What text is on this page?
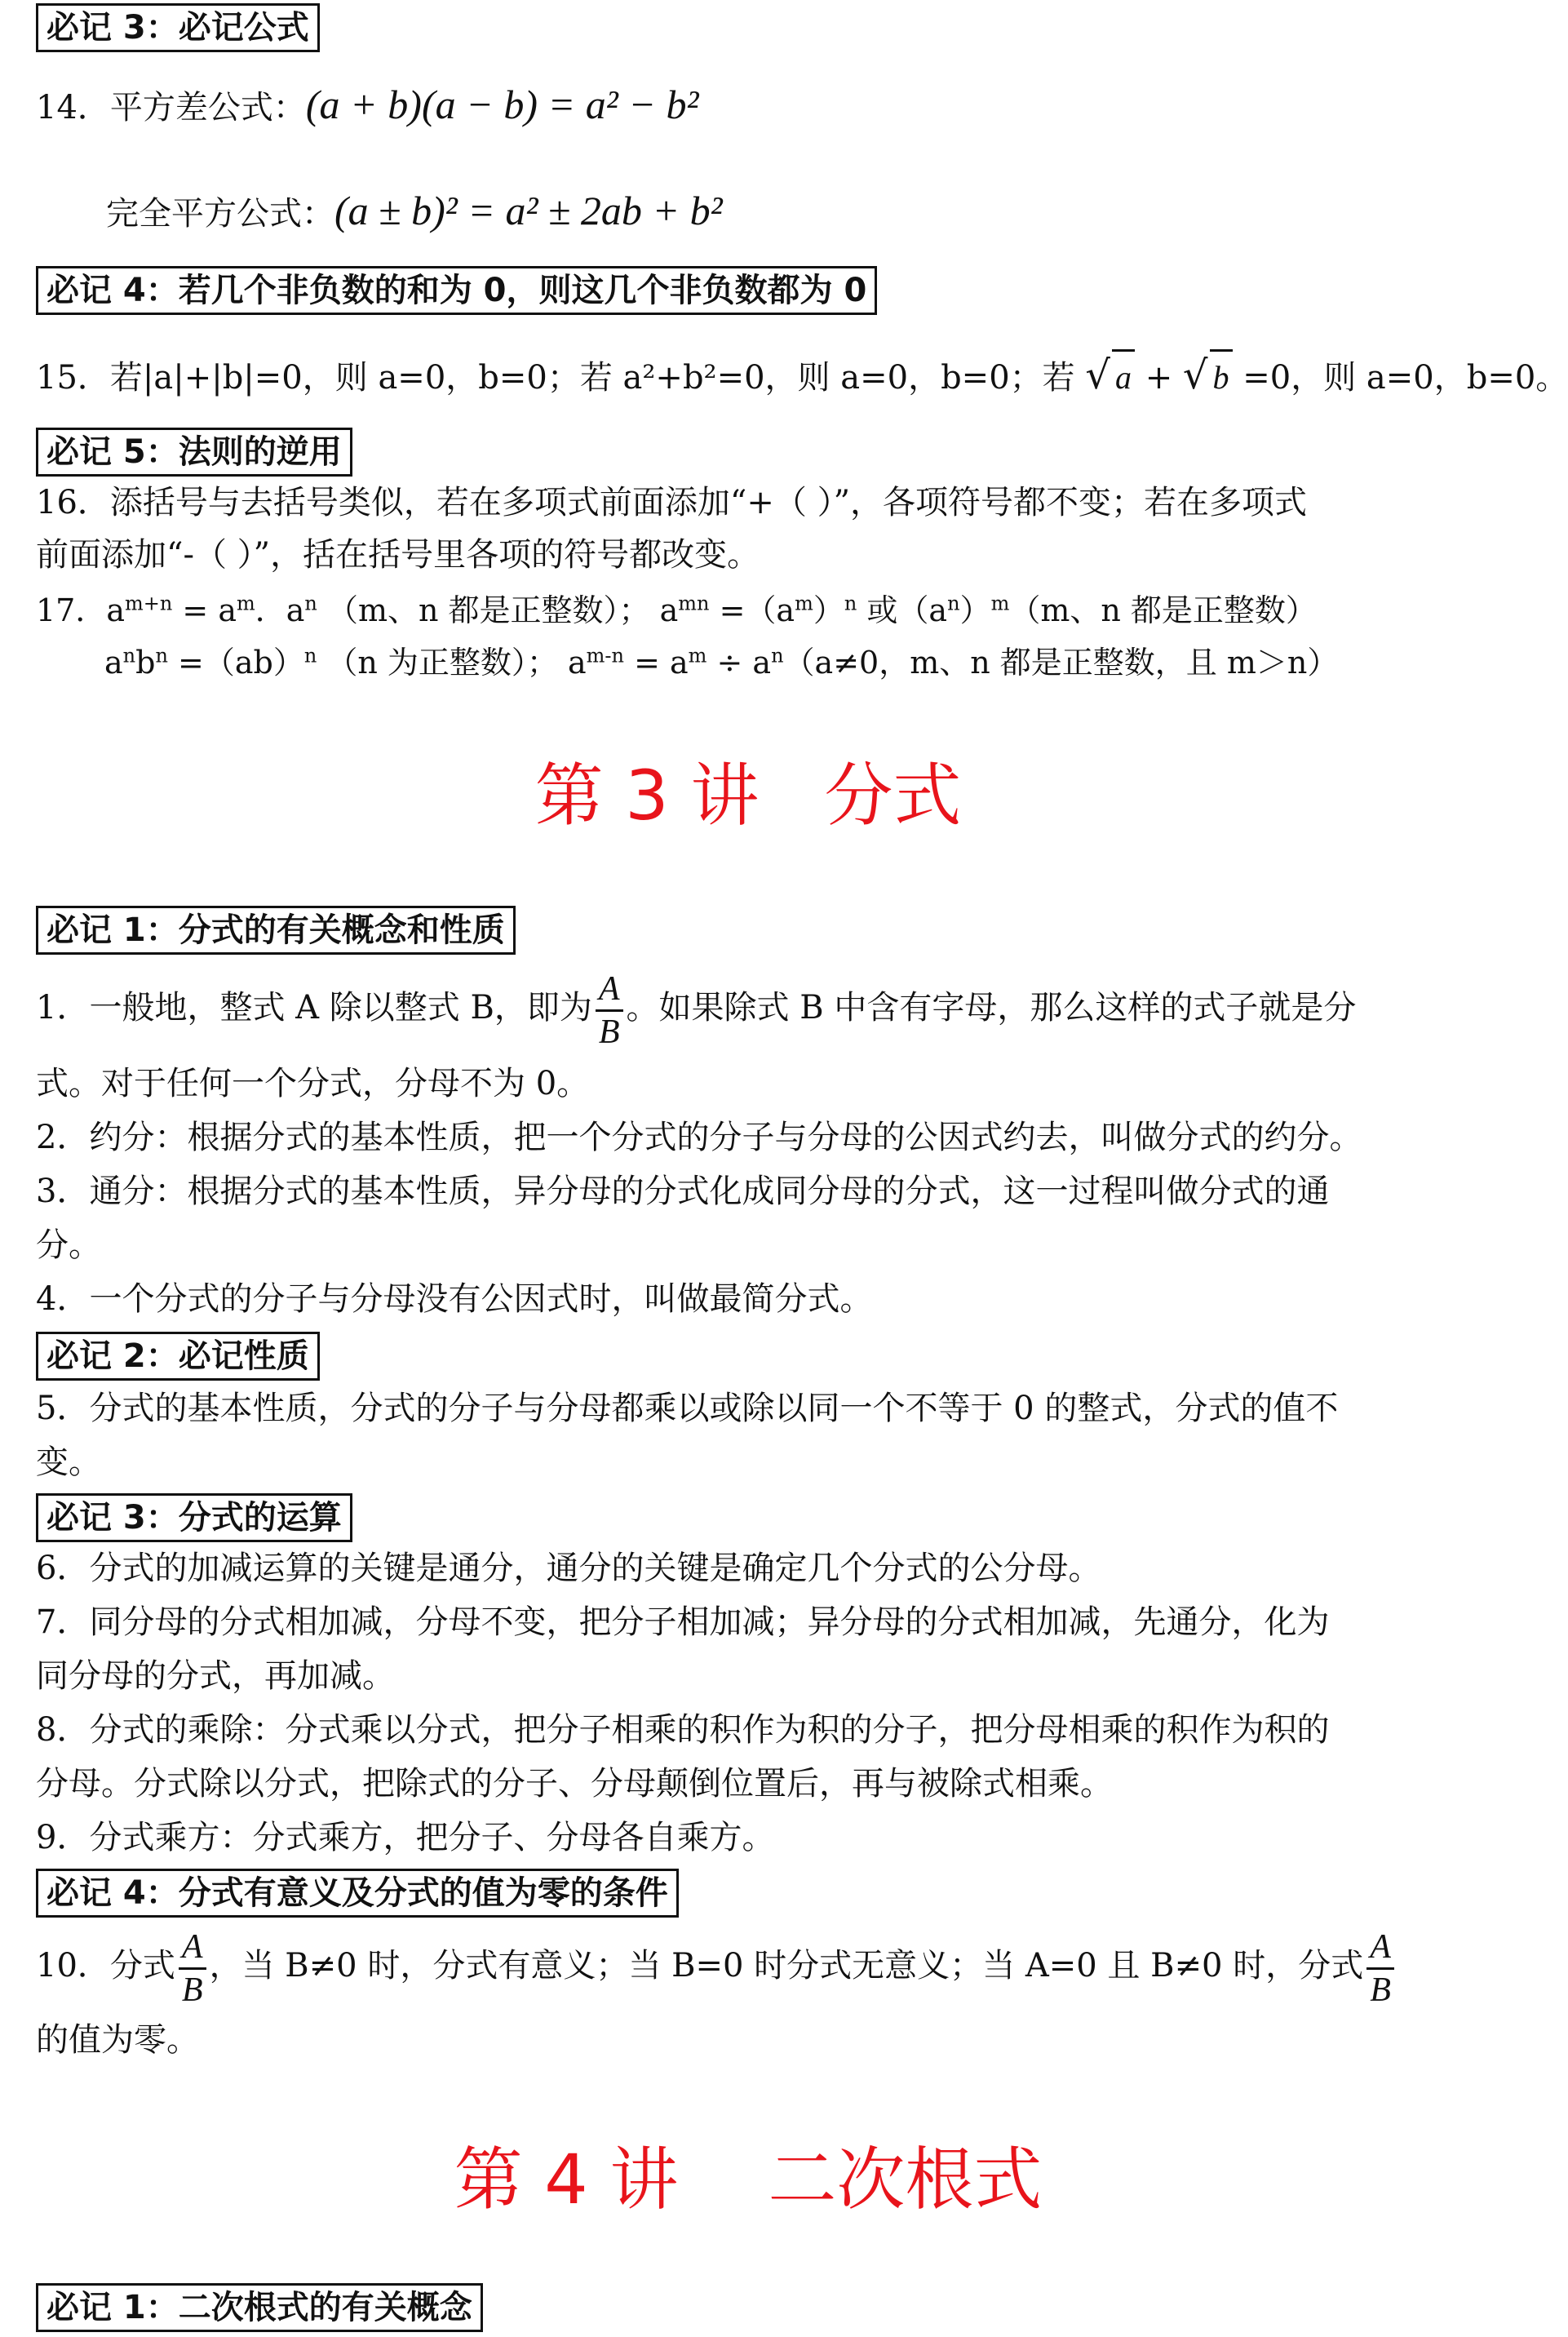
必记 3：必记公式
14．平方差公式：(a + b)(a − b) = a² − b²
完全平方公式：(a ± b)² = a² ± 2ab + b²
必记 4：若几个非负数的和为 0，则这几个非负数都为 0
15．若|a|+|b|=0，则 a=0，b=0；若 a²+b²=0，则 a=0，b=0；若 √ a + √ b =0，则 a=0，b=0。
必记 5：法则的逆用
16．添括号与去括号类似，若在多项式前面添加“+（ ）”，各项符号都不变；若在多项式
前面添加“-（ ）”，括在括号里各项的符号都改变。
17．$a^{m+n} = a^m$．$a^n$ （m、n 都是正整数）； $a^{mn} =(a^m)^n$ 或$(a^n)^m(m$、n 都是正整数）
$a^nb^n =(ab)^n$ （n 为正整数）； $a^{m-n} = a^m \div a^n(a\ne 0$，m、n 都是正整数，且 m＞n）
第 3 讲 分式
必记 1：分式的有关概念和性质
1．一般地，整式 A 除以整式 B，即为 $\frac{A}{B}$ 。如果除式 B 中含有字母，那么这样的式子就是分
式。对于任何一个分式，分母不为 0。
2．约分：根据分式的基本性质，把一个分式的分子与分母的公因式约去，叫做分式的约分。
3．通分：根据分式的基本性质，异分母的分式化成同分母的分式，这一过程叫做分式的通
分。
4．一个分式的分子与分母没有公因式时，叫做最简分式。
必记 2：必记性质
5．分式的基本性质，分式的分子与分母都乘以或除以同一个不等于 0 的整式，分式的值不
变。
必记 3：分式的运算
6．分式的加减运算的关键是通分，通分的关键是确定几个分式的公分母。
7．同分母的分式相加减，分母不变，把分子相加减；异分母的分式相加减，先通分，化为
同分母的分式，再加减。
8．分式的乘除：分式乘以分式，把分子相乘的积作为积的分子，把分母相乘的积作为积的
分母。分式除以分式，把除式的分子、分母颠倒位置后，再与被除式相乘。
9．分式乘方：分式乘方，把分子、分母各自乘方。
必记 4：分式有意义及分式的值为零的条件
10．分式 $\frac{A}{B}$ ，当 B≠0 时，分式有意义；当 B=0 时分式无意义；当 A=0 且 B≠0 时，分式 $\frac{A}{B}$
的值为零。
第 4 讲 二次根式
必记 1：二次根式的有关概念
